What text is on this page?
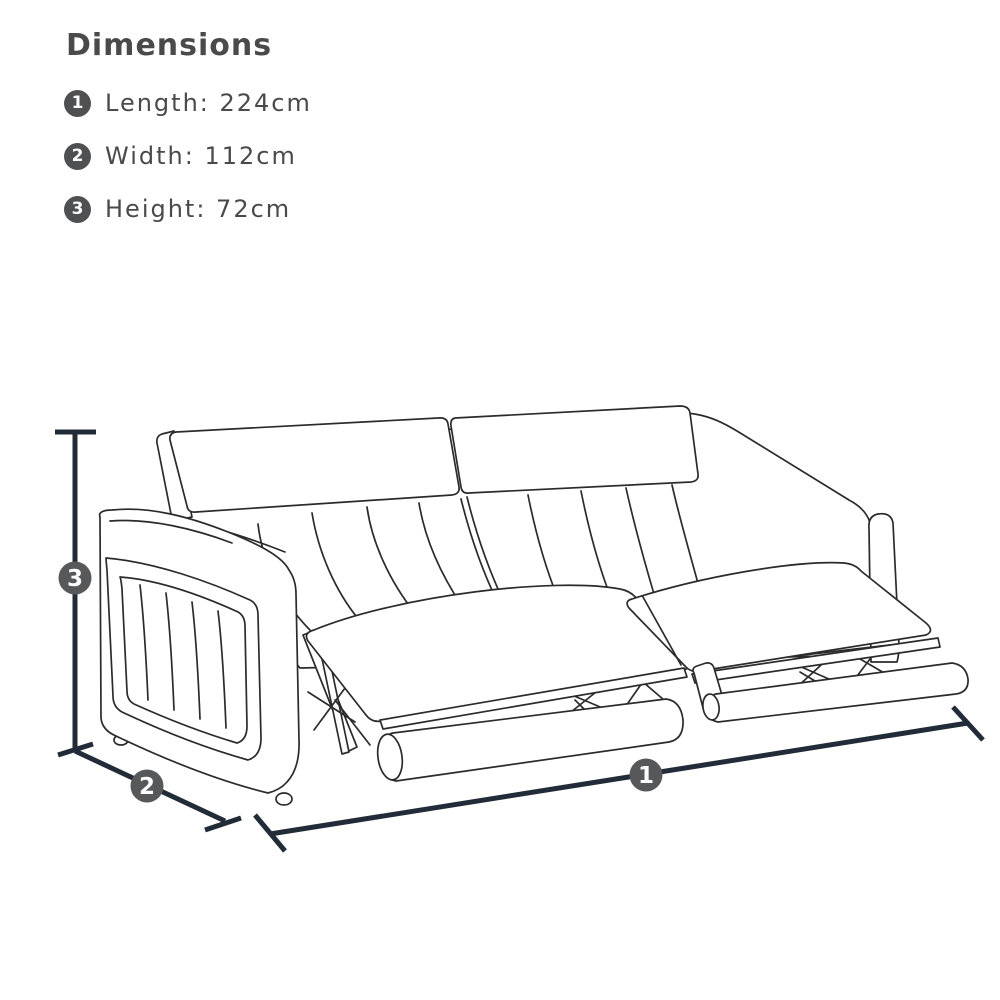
Dimensions
1 Length: 224cm
2 Width: 112cm
3 Height: 72cm
3
2	1
